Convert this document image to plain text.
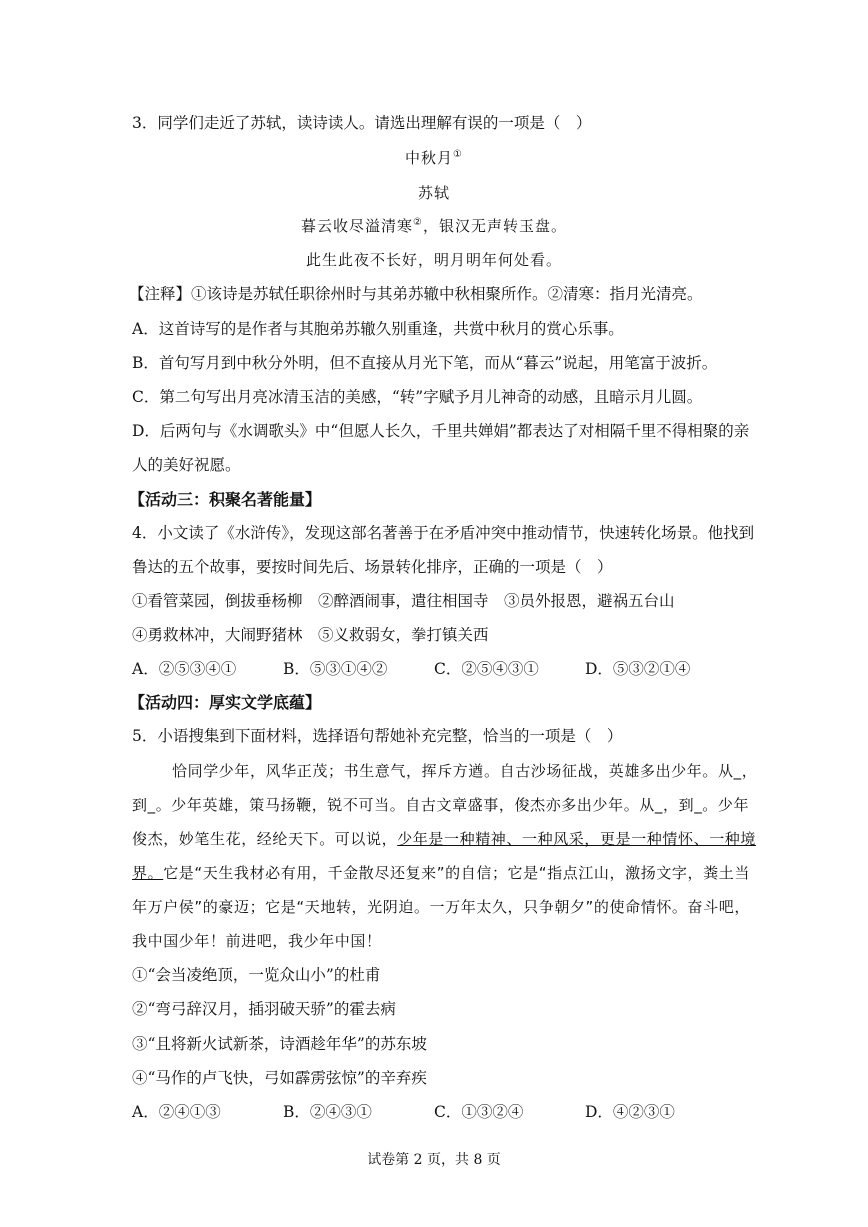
3．同学们走近了苏轼，读诗读人。请选出理解有误的一项是（　）
中秋月①
苏轼
暮云收尽溢清寒②，银汉无声转玉盘。
此生此夜不长好，明月明年何处看。
【注释】①该诗是苏轼任职徐州时与其弟苏辙中秋相聚所作。②清寒：指月光清亮。
A．这首诗写的是作者与其胞弟苏辙久别重逢，共赏中秋月的赏心乐事。
B．首句写月到中秋分外明，但不直接从月光下笔，而从“暮云”说起，用笔富于波折。
C．第二句写出月亮冰清玉洁的美感，“转”字赋予月儿神奇的动感，且暗示月儿圆。
D．后两句与《水调歌头》中“但愿人长久，千里共婵娟”都表达了对相隔千里不得相聚的亲
人的美好祝愿。
【活动三：积聚名著能量】
4．小文读了《水浒传》，发现这部名著善于在矛盾冲突中推动情节，快速转化场景。他找到
鲁达的五个故事，要按时间先后、场景转化排序，正确的一项是（　）
①看管菜园，倒拔垂杨柳　②醉酒闹事，遣往相国寺　③员外报恩，避祸五台山
④勇救林冲，大闹野猪林　⑤义救弱女，拳打镇关西
A．②⑤③④①	B．⑤③①④②	C．②⑤④③①	D．⑤③②①④
【活动四：厚实文学底蕴】
5．小语搜集到下面材料，选择语句帮她补充完整，恰当的一项是（　）
恰同学少年，风华正茂；书生意气，挥斥方遒。自古沙场征战，英雄多出少年。从_，
到_。少年英雄，策马扬鞭，锐不可当。自古文章盛事，俊杰亦多出少年。从_，到_。少年
俊杰，妙笔生花，经纶天下。可以说，少年是一种精神、一种风采，更是一种情怀、一种境
界。它是“天生我材必有用，千金散尽还复来”的自信；它是“指点江山，激扬文字，粪土当
年万户侯”的豪迈；它是“天地转，光阴迫。一万年太久，只争朝夕”的使命情怀。奋斗吧，
我中国少年！前进吧，我少年中国！
①“会当凌绝顶，一览众山小”的杜甫
②“弯弓辞汉月，插羽破天骄”的霍去病
③“且将新火试新茶，诗酒趁年华”的苏东坡
④“马作的卢飞快，弓如霹雳弦惊”的辛弃疾
A．②④①③	B．②④③①	C．①③②④	D．④②③①
试卷第 2 页，共 8 页
